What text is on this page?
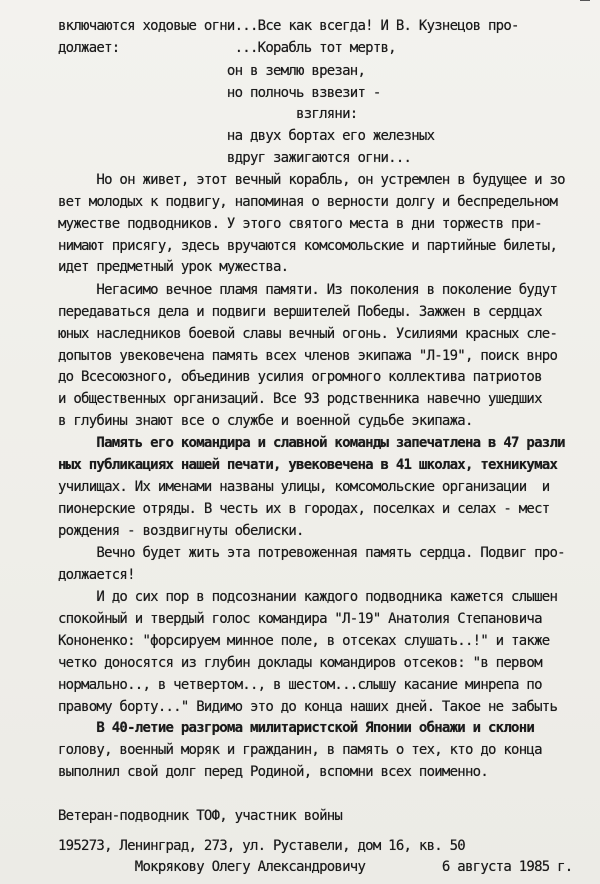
включаются ходовые огни...Все как всегда! И В. Кузнецов про-
должает:               ...Корабль тот мертв,
он в землю врезан,
но полночь взвезит -
взгляни:
на двух бортах его железных
вдруг зажигаются огни...
Но он живет, этот вечный корабль, он устремлен в будущее и зо
вет молодых к подвигу, напоминая о верности долгу и беспредельном
мужестве подводников. У этого святого места в дни торжеств при-
нимают присягу, здесь вручаются комсомольские и партийные билеты,
идет предметный урок мужества.
Негасимо вечное пламя памяти. Из поколения в поколение будут
передаваться дела и подвиги вершителей Победы. Зажжен в сердцах
юных наследников боевой славы вечный огонь. Усилиями красных сле-
допытов увековечена память всех членов экипажа "Л-19", поиск внро
до Всесоюзного, объединив усилия огромного коллектива патриотов
и общественных организаций. Все 93 родственника навечно ушедших
в глубины знают все о службе и военной судьбе экипажа.
Память его командира и славной команды запечатлена в 47 разли
ных публикациях нашей печати, увековечена в 41 школах, техникумах
училищах. Их именами названы улицы, комсомольские организации  и
пионерские отряды. В честь их в городах, поселках и селах - мест
рождения - воздвигнуты обелиски.
Вечно будет жить эта потревоженная память сердца. Подвиг про-
должается!
И до сих пор в подсознании каждого подводника кажется слышен
спокойный и твердый голос командира "Л-19" Анатолия Степановича
Кононенко: "форсируем минное поле, в отсеках слушать..!" и также
четко доносятся из глубин доклады командиров отсеков: "в первом
нормально.., в четвертом.., в шестом...слышу касание минрепа по
правому борту..." Видимо это до конца наших дней. Такое не забыть
В 40-летие разгрома милитаристской Японии обнажи и склони
голову, военный моряк и гражданин, в память о тех, кто до конца
выполнил свой долг перед Родиной, вспомни всех поименно.
Ветеран-подводник ТОФ, участник войны
195273, Ленинград, 273, ул. Руставели, дом 16, кв. 50
Мокрякову Олегу Александровичу          6 августа 1985 г.
